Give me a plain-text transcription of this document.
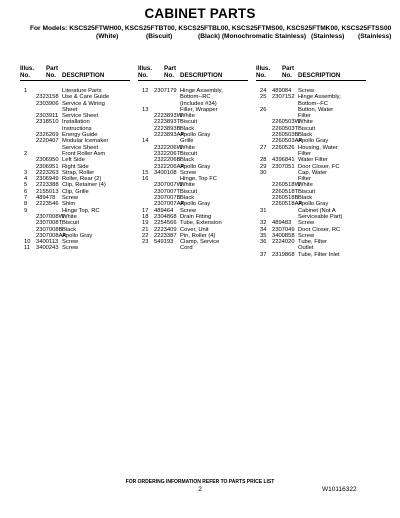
CABINET PARTS
For Models: KSCS25FTWH00, KSCS25FTBT00, KSCS25FTBL00, KSCS25FTMS00, KSCS25FTMK00, KSCS25FTSS00
(White)	(Biscuit)	(Black) (Monochromatic Stainless) (Stainless) (Stainless)
Illus.
No.
Part
No. DESCRIPTION
1	Literature Parts
2323158 Use & Care Guide
2303906 Service & Wiring
Sheet
2303911 Service Sheet
2318510 Installation
Instructions
2326269 Energy Guide
2220407 Modular Icemaker
Service Sheet
2	Front Roller Asm
2306950 Left Side
2306951 Right Side
3 2223263 Strap, Roller
4 2306949 Roller, Rear (2)
5 2223388 Clip, Retainer (4)
6 2155013 Clip, Grille
7 489478 Screw
8 2223546 Shim
9	Hinge Top, RC
2307008W
White
2307008T Biscuit
2307008B Black
2307008AP
Apollo Gray
10 3400113 Screw
11 3400243 Screw
Illus.
No.
Part
No. DESCRIPTION
12 2307179 Hinge Assembly,
Bottom--RC
(Includes #34)
13	Filler, Wrapper
2223893W
White
2223893T Biscuit
2223893B Black
2223893AP
Apollo Gray
14	Grille
2322206W
White
2322206T Biscuit
2322206B Black
2322206AP
Apollo Gray
15 3400108 Screw
16	Hinge, Top FC
2307007W
White
2307007T Biscuit
2307007B Black
2307007AP
Apollo Gray
17 489464 Screw
18 2304868 Drain Fitting
19 2254566 Tube, Extension
21 2223409 Cover, Unit
22 2223387 Pin, Roller (4)
23 549193 Clamp, Service
Cord
Illus.
No.
Part
No. DESCRIPTION
24 489084 Screw
25 2307152 Hinge Assembly,
Bottom--FC
26	Button, Water
Filter
2260503W
White
2260503T Biscuit
2260503B Black
2260503AP
Apollo Gray
27 2260526 Housing, Water
Filter
28 4396841 Water Filter
29 2307051 Door Closer, FC
30	Cap, Water
Filter
2260518W
White
2260518T Biscuit
2260518B Black
2260518AP
Apollo Gray
31	Cabinet (Not A
Serviceable Part)
32 489483 Screw
34 2307049 Door Closer, RC
35 3400858 Screw
36 2224020 Tube, Filter
Outlet
37 2319868 Tube, Filter Inlet
FOR ORDERING INFORMATION REFER TO PARTS PRICE LIST
2	W10116322
